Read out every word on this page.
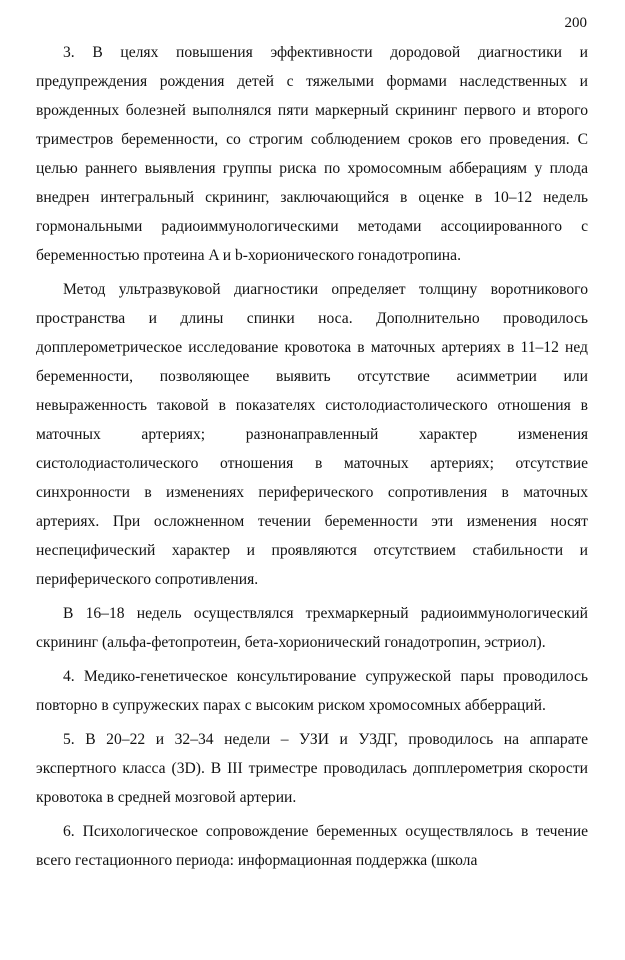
200

3. В целях повышения эффективности дородовой диагностики и предупреждения рождения детей с тяжелыми формами наследственных и врожденных болезней выполнялся пяти маркерный скрининг первого и второго триместров беременности, со строгим соблюдением сроков его проведения. С целью раннего выявления группы риска по хромосомным абберациям у плода внедрен интегральный скрининг, заключающийся в оценке в 10–12 недель гормональными радиоиммунологическими методами ассоциированного с беременностью протеина A и b-хорионического гонадотропина.

Метод ультразвуковой диагностики определяет толщину воротникового пространства и длины спинки носа. Дополнительно проводилось допплерометрическое исследование кровотока в маточных артериях в 11–12 нед беременности, позволяющее выявить отсутствие асимметрии или невыраженность таковой в показателях систолодиастолического отношения в маточных артериях; разнонаправленный характер изменения систолодиастолического отношения в маточных артериях; отсутствие синхронности в изменениях периферического сопротивления в маточных артериях. При осложненном течении беременности эти изменения носят неспецифический характер и проявляются отсутствием стабильности и периферического сопротивления.

В 16–18 недель осуществлялся трехмаркерный радиоиммунологический скрининг (альфа-фетопротеин, бета-хорионический гонадотропин, эстриол).

4. Медико-генетическое консультирование супружеской пары проводилось повторно в супружеских парах с высоким риском хромосомных абберраций.

5. В 20–22 и 32–34 недели – УЗИ и УЗДГ, проводилось на аппарате экспертного класса (3D). В III триместре проводилась допплерометрия скорости кровотока в средней мозговой артерии.

6. Психологическое сопровождение беременных осуществлялось в течение всего гестационного периода: информационная поддержка (школа
